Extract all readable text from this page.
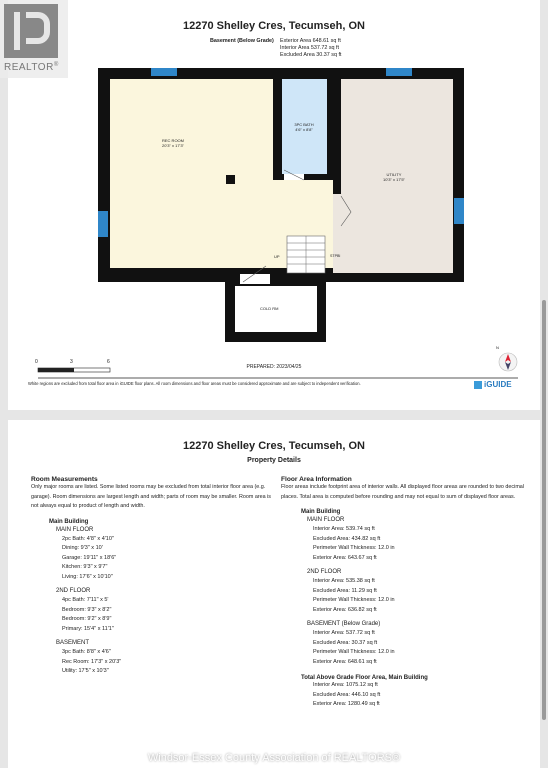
12270 Shelley Cres, Tecumseh, ON
Basement (Below Grade) Exterior Area 648.61 sq ft
Interior Area 537.72 sq ft
Excluded Area 30.37 sq ft
REC ROOM
20'3" x 17'3"
3PC BATH
4'6" x 8'8"
UTILITY
10'3" x 17'5"
COLD RM
UP	STPBI
0	3	6
N
PREPARED: 2023/04/25
White regions are excluded from total floor area in iGUIDE floor plans. All room dimensions and floor areas must be considered approximate and are subject to independent verification.	iGUIDE
12270 Shelley Cres, Tecumseh, ON
Property Details
Room Measurements
Only major rooms are listed. Some listed rooms may be excluded from total interior floor area (e.g. garage). Room dimensions are largest length and width; parts of room may be smaller. Room area is not always equal to product of length and width.
Main Building
MAIN FLOOR
2pc Bath: 4'8" x 4'10"
Dining: 9'3" x 10'
Garage: 19'11" x 18'6"
Kitchen: 9'3" x 9'7"
Living: 17'6" x 10'10"
2ND FLOOR
4pc Bath: 7'11" x 5'
Bedroom: 9'3" x 8'2"
Bedroom: 9'2" x 8'9"
Primary: 15'4" x 11'1"
BASEMENT
3pc Bath: 8'8" x 4'6"
Rec Room: 17'3" x 20'3"
Utility: 17'5" x 10'3"
Floor Area Information
Floor areas include footprint area of interior walls. All displayed floor areas are rounded to two decimal places. Total area is computed before rounding and may not equal to sum of displayed floor areas.
Main Building
MAIN FLOOR
Interior Area: 539.74 sq ft
Excluded Area: 434.82 sq ft
Perimeter Wall Thickness: 12.0 in
Exterior Area: 643.67 sq ft
2ND FLOOR
Interior Area: 535.38 sq ft
Excluded Area: 11.29 sq ft
Perimeter Wall Thickness: 12.0 in
Exterior Area: 636.82 sq ft
BASEMENT (Below Grade)
Interior Area: 537.72 sq ft
Excluded Area: 30.37 sq ft
Perimeter Wall Thickness: 12.0 in
Exterior Area: 648.61 sq ft
Total Above Grade Floor Area, Main Building
Interior Area: 1075.12 sq ft
Excluded Area: 446.10 sq ft
Exterior Area: 1280.49 sq ft
REALTOR®
Windsor-Essex County Association of REALTORS®
